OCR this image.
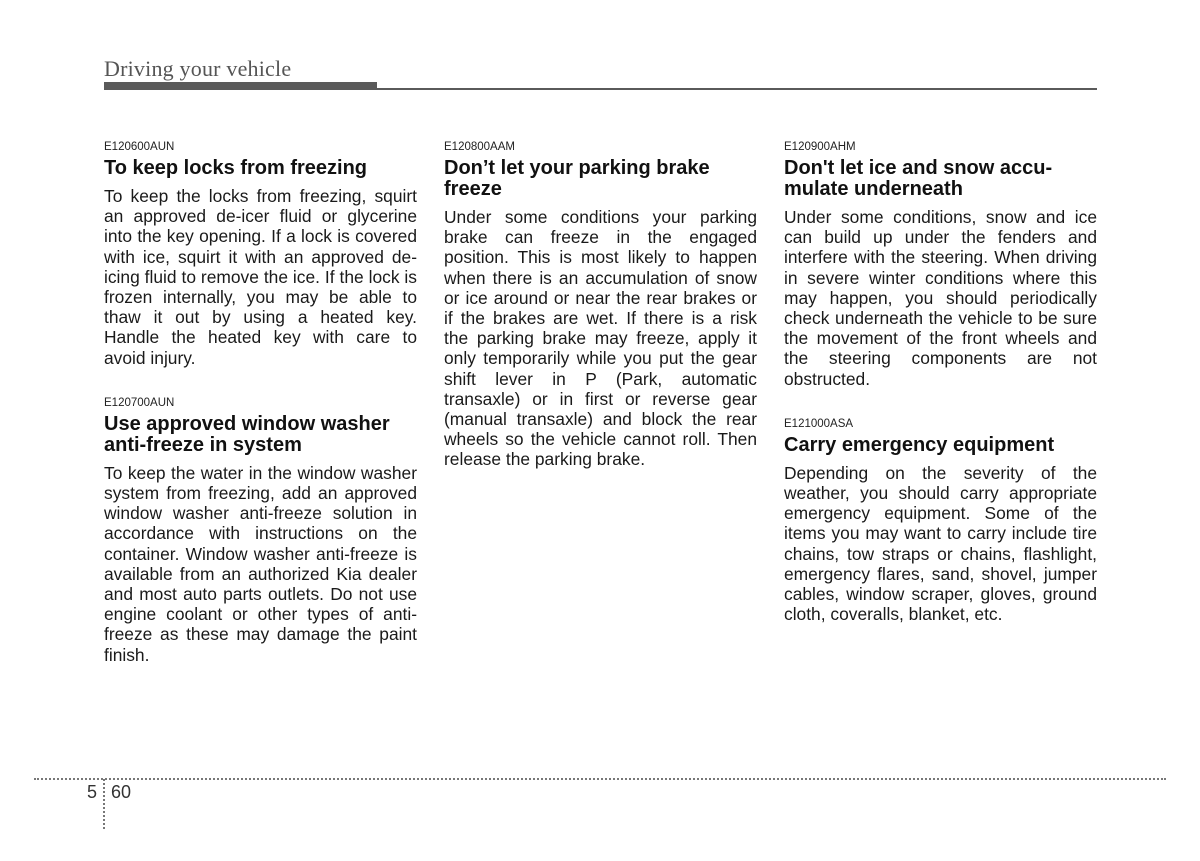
Driving your vehicle
E120600AUN
To keep locks from freezing

To keep the locks from freezing, squirt an approved de-icer fluid or glycerine into the key opening. If a lock is covered with ice, squirt it with an approved de-icing fluid to remove the ice. If the lock is frozen internally, you may be able to thaw it out by using a heated key. Handle the heated key with care to avoid injury.

E120700AUN
Use approved window washer anti-freeze in system

To keep the water in the window washer system from freezing, add an approved window washer anti-freeze solution in accordance with instructions on the container. Window washer anti-freeze is available from an authorized Kia dealer and most auto parts outlets. Do not use engine coolant or other types of anti-freeze as these may damage the paint finish.

E120800AAM
Don’t let your parking brake freeze

Under some conditions your parking brake can freeze in the engaged position. This is most likely to happen when there is an accumulation of snow or ice around or near the rear brakes or if the brakes are wet. If there is a risk the parking brake may freeze, apply it only temporarily while you put the gear shift lever in P (Park, automatic transaxle) or in first or reverse gear (manual transaxle) and block the rear wheels so the vehicle cannot roll. Then release the parking brake.

E120900AHM
Don't let ice and snow accumulate underneath

Under some conditions, snow and ice can build up under the fenders and interfere with the steering. When driving in severe winter conditions where this may happen, you should periodically check underneath the vehicle to be sure the movement of the front wheels and the steering components are not obstructed.

E121000ASA
Carry emergency equipment

Depending on the severity of the weather, you should carry appropriate emergency equipment. Some of the items you may want to carry include tire chains, tow straps or chains, flashlight, emergency flares, sand, shovel, jumper cables, window scraper, gloves, ground cloth, coveralls, blanket, etc.

5 60
